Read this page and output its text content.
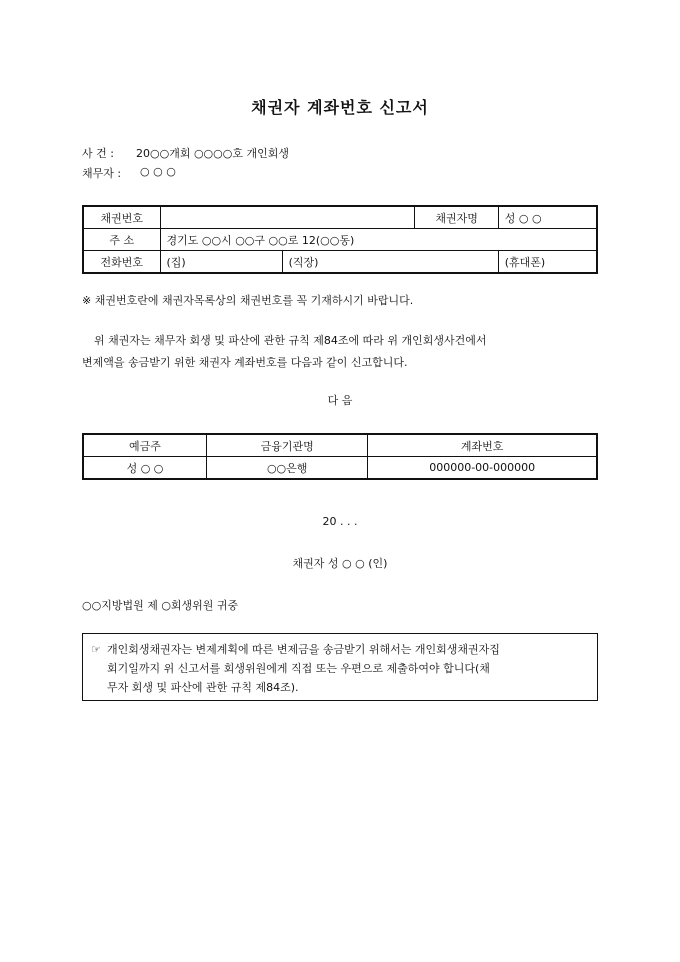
채권자 계좌번호 신고서
사 건 : 20○○개회 ○○○○호 개인회생
채무자 : ○ ○ ○
채권번호			채권자명	성 ○ ○
주 소	경기도 ○○시 ○○구 ○○로 12(○○동)			
전화번호	(집)	(직장)		(휴대폰)
※ 채권번호란에 채권자목록상의 채권번호를 꼭 기재하시기 바랍니다.
위 채권자는 채무자 회생 및 파산에 관한 규칙 제84조에 따라 위 개인회생사건에서
변제액을 송금받기 위한 채권자 계좌번호를 다음과 같이 신고합니다.
다 음
예금주	금융기관명	계좌번호
성 ○ ○	○○은행	000000-00-000000
20 . . .
채권자 성 ○ ○ (인)
○○지방법원 제 ○회생위원 귀중
☞ 개인회생채권자는 변제계획에 따른 변제금을 송금받기 위해서는 개인회생채권자집
회기일까지 위 신고서를 회생위원에게 직접 또는 우편으로 제출하여야 합니다(채
무자 회생 및 파산에 관한 규칙 제84조).
